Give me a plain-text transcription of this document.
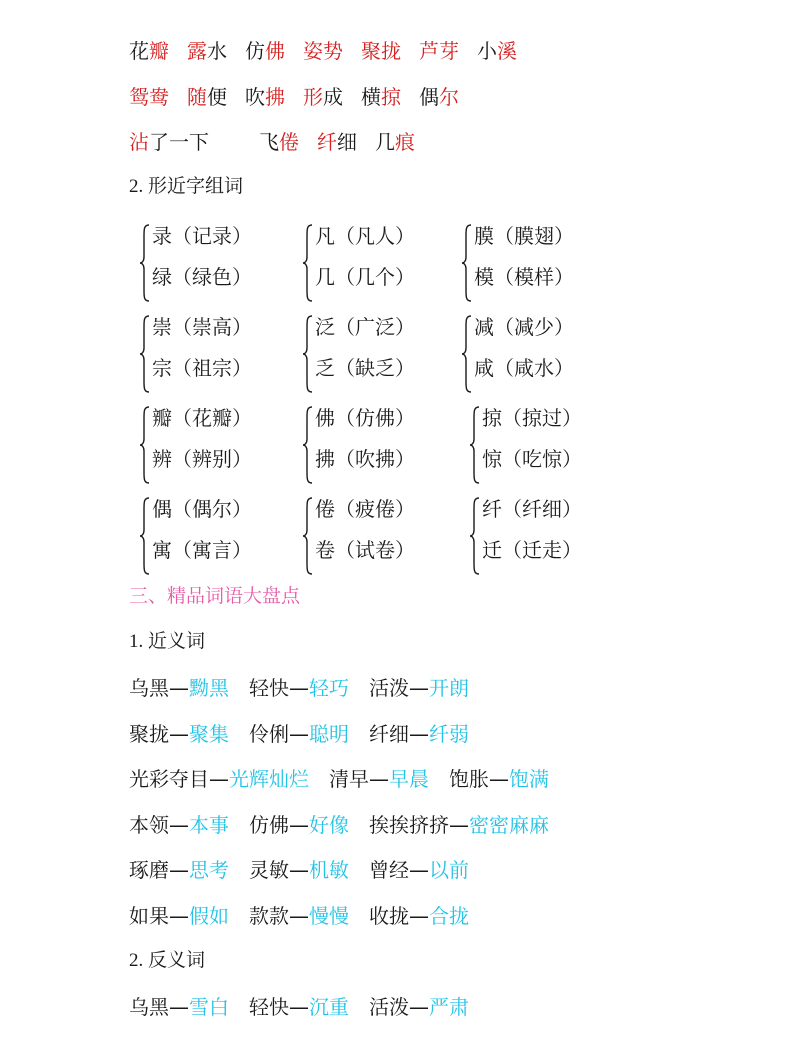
花瓣 露水 仿佛 姿势 聚拢 芦芽 小溪
鸳鸯 随便 吹拂 形成 横掠 偶尔
沾了一下	飞倦 纤细 几痕
2. 形近字组词
录（记录）
绿（绿色）
凡（凡人）
几（几个）
膜（膜翅）
模（模样）
崇（崇高）
宗（祖宗）
泛（广泛）
乏（缺乏）
减（减少）
咸（咸水）
瓣（花瓣）
辨（辨别）
佛（仿佛）
拂（吹拂）
掠（掠过）
惊（吃惊）
偶（偶尔）
寓（寓言）
倦（疲倦）
卷（试卷）
纤（纤细）
迁（迁走）
三、精品词语大盘点
1. 近义词
乌黑—黝黑 轻快—轻巧 活泼—开朗
聚拢—聚集 伶俐—聪明 纤细—纤弱
光彩夺目—光辉灿烂 清早—早晨 饱胀—饱满
本领—本事 仿佛—好像 挨挨挤挤—密密麻麻
琢磨—思考 灵敏—机敏 曾经—以前
如果—假如 款款—慢慢 收拢—合拢
2. 反义词
乌黑—雪白 轻快—沉重 活泼—严肃
